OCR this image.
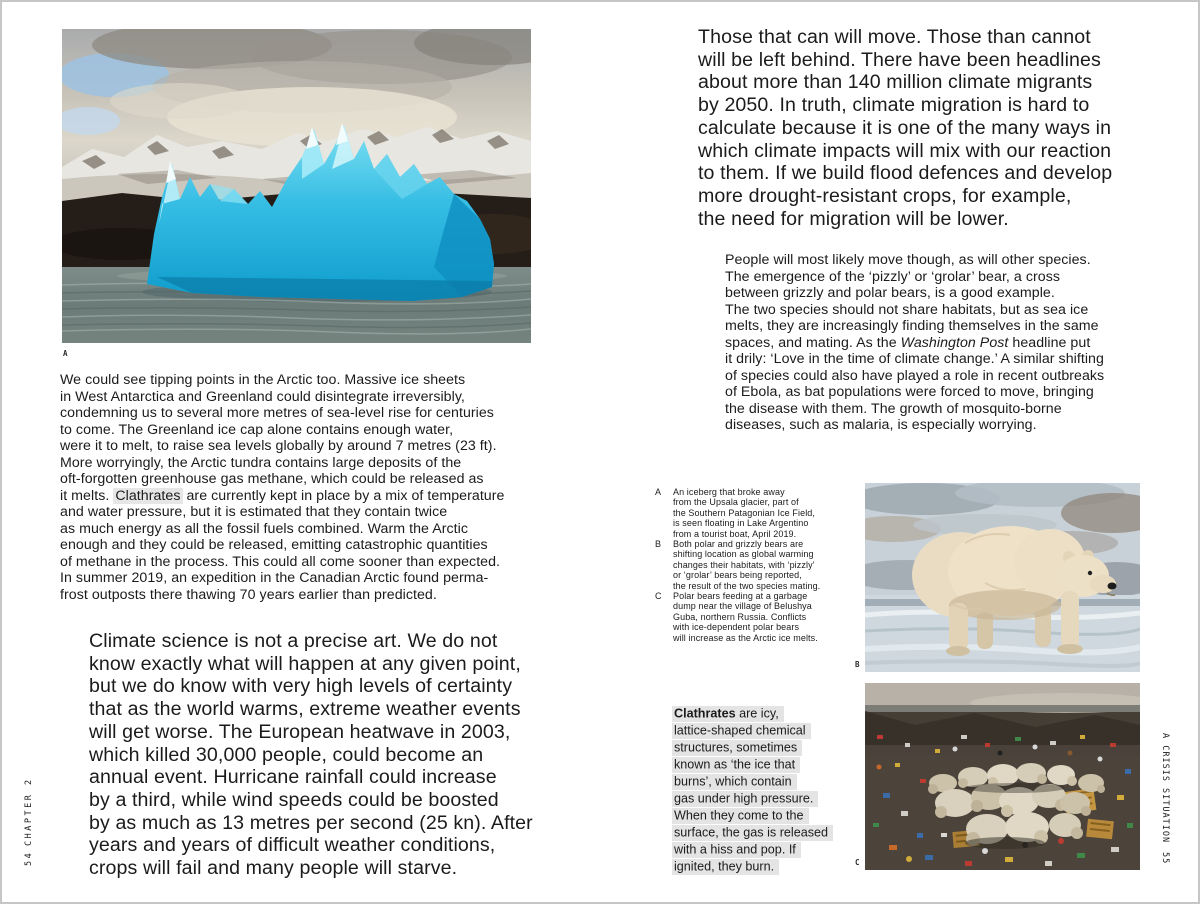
A
We could see tipping points in the Arctic too. Massive ice sheets
in West Antarctica and Greenland could disintegrate irreversibly,
condemning us to several more metres of sea-level rise for centuries
to come. The Greenland ice cap alone contains enough water,
were it to melt, to raise sea levels globally by around 7 metres (23 ft).
More worryingly, the Arctic tundra contains large deposits of the
oft-forgotten greenhouse gas methane, which could be released as
it melts. Clathrates are currently kept in place by a mix of temperature
and water pressure, but it is estimated that they contain twice
as much energy as all the fossil fuels combined. Warm the Arctic
enough and they could be released, emitting catastrophic quantities
of methane in the process. This could all come sooner than expected.
In summer 2019, an expedition in the Canadian Arctic found perma-
frost outposts there thawing 70 years earlier than predicted.
Climate science is not a precise art. We do not
know exactly what will happen at any given point,
but we do know with very high levels of certainty
that as the world warms, extreme weather events
will get worse. The European heatwave in 2003,
which killed 30,000 people, could become an
annual event. Hurricane rainfall could increase
by a third, while wind speeds could be boosted
by as much as 13 metres per second (25 kn). After
years and years of difficult weather conditions,
crops will fail and many people will starve.
CHAPTER 2
54
Those that can will move. Those than cannot
will be left behind. There have been headlines
about more than 140 million climate migrants
by 2050. In truth, climate migration is hard to
calculate because it is one of the many ways in
which climate impacts will mix with our reaction
to them. If we build flood defences and develop
more drought-resistant crops, for example,
the need for migration will be lower.
People will most likely move though, as will other species.
The emergence of the ‘pizzly’ or ‘grolar’ bear, a cross
between grizzly and polar bears, is a good example.
The two species should not share habitats, but as sea ice
melts, they are increasingly finding themselves in the same
spaces, and mating. As the Washington Post headline put
it drily: ‘Love in the time of climate change.’ A similar shifting
of species could also have played a role in recent outbreaks
of Ebola, as bat populations were forced to move, bringing
the disease with them. The growth of mosquito-borne
diseases, such as malaria, is especially worrying.
A	An iceberg that broke away
from the Upsala glacier, part of
the Southern Patagonian Ice Field,
is seen floating in Lake Argentino
from a tourist boat, April 2019.
B	Both polar and grizzly bears are
shifting location as global warming
changes their habitats, with ‘pizzly’
or ‘grolar’ bears being reported,
the result of the two species mating.
C	Polar bears feeding at a garbage
dump near the village of Belushya
Guba, northern Russia. Conflicts
with ice-dependent polar bears
will increase as the Arctic ice melts.
B
Clathrates are icy,
lattice-shaped chemical
structures, sometimes
known as ‘the ice that
burns’, which contain
gas under high pressure.
When they come to the
surface, the gas is released
with a hiss and pop. If
ignited, they burn.	C
A CRISIS SITUATION
55
